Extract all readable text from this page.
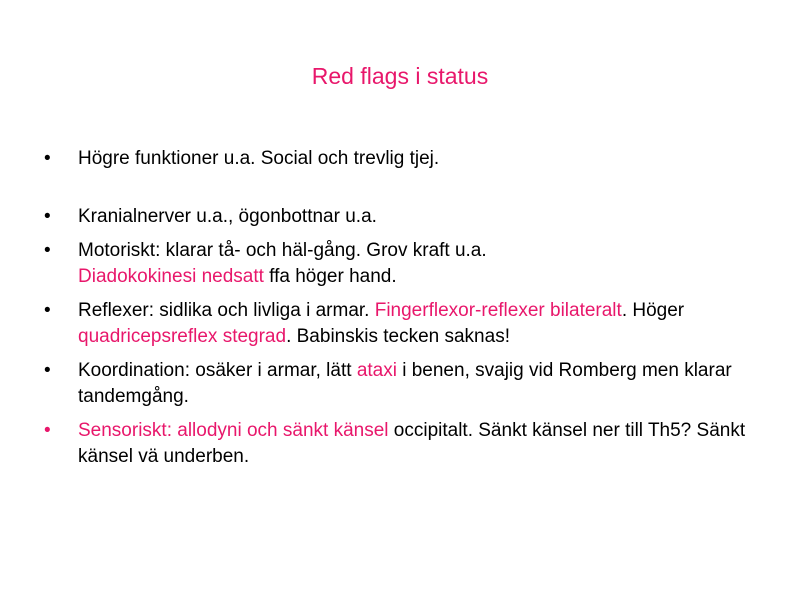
Red flags i status
•	Högre funktioner u.a. Social och trevlig tjej.
•	Kranialnerver u.a., ögonbottnar u.a.
•	Motoriskt: klarar tå- och häl-gång. Grov kraft u.a.
Diadokokinesi nedsatt ffa höger hand.
•	Reflexer: sidlika och livliga i armar. Fingerflexor-reflexer bilateralt. Höger quadricepsreflex stegrad. Babinskis tecken saknas!
•	Koordination: osäker i armar, lätt ataxi i benen, svajig vid Romberg men klarar tandemgång.
•	Sensoriskt: allodyni och sänkt känsel occipitalt. Sänkt känsel ner till Th5? Sänkt känsel vä underben.
